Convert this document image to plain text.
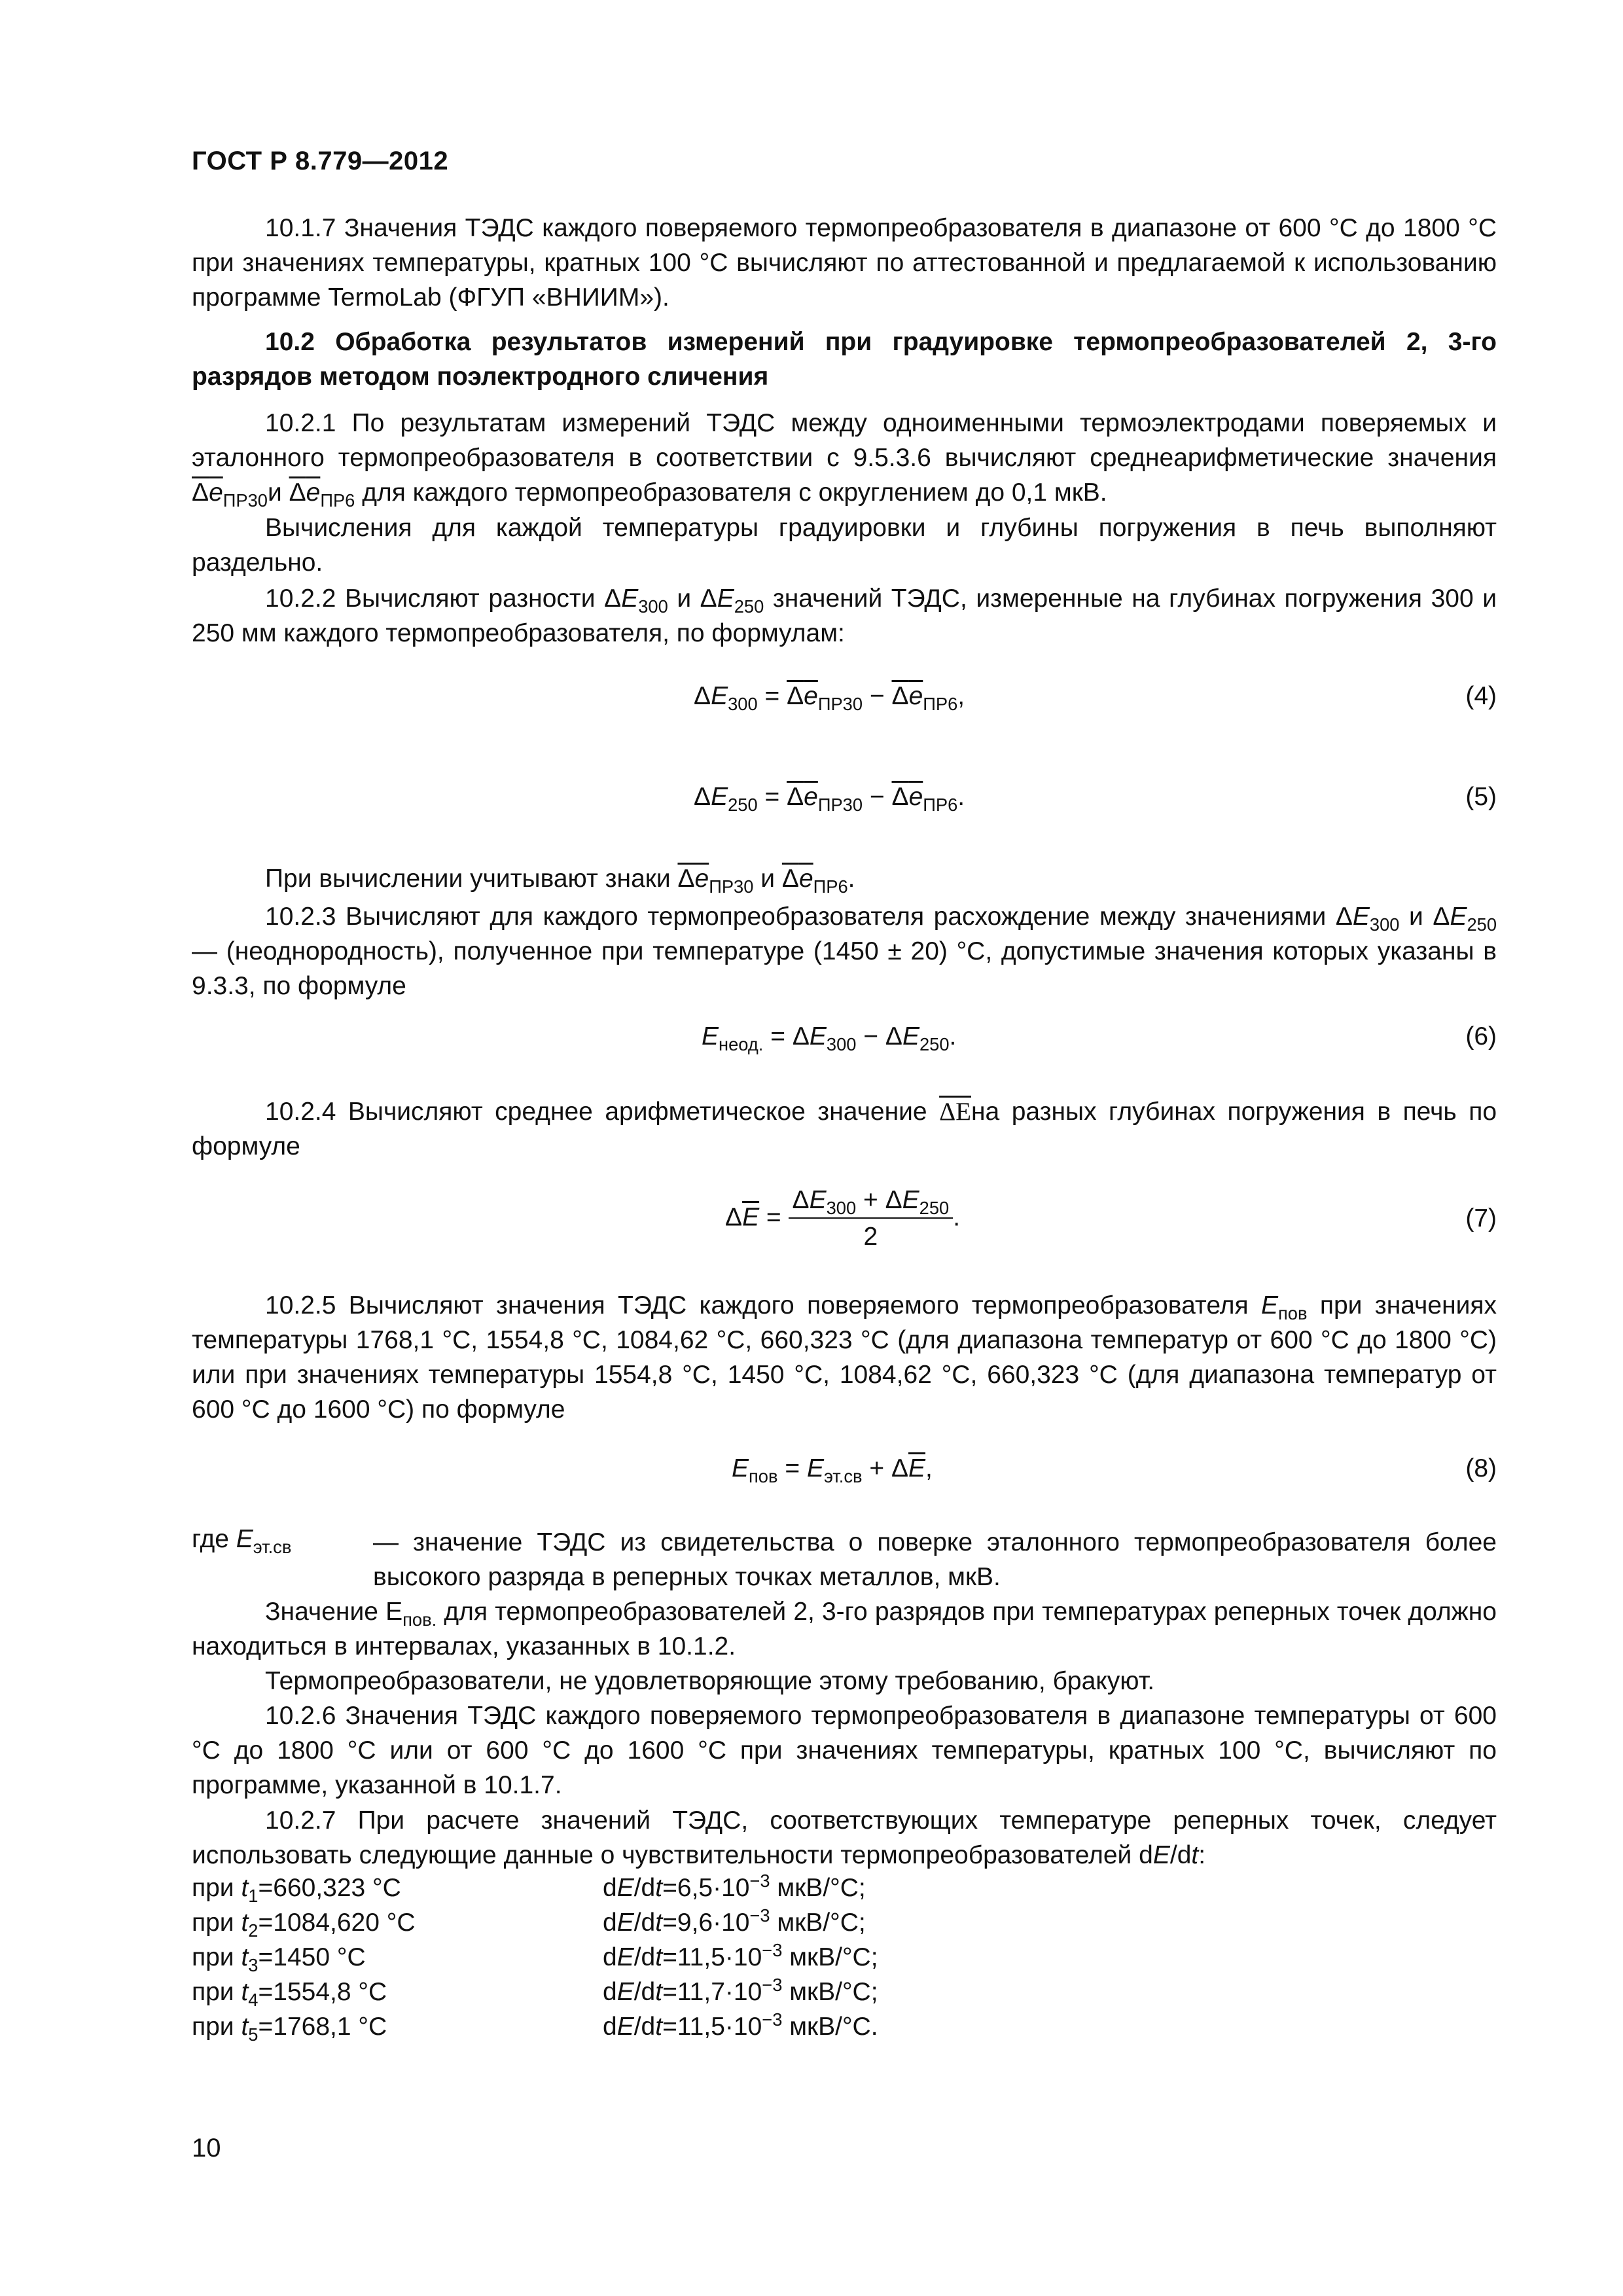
ГОСТ Р 8.779—2012
10.1.7 Значения ТЭДС каждого поверяемого термопреобразователя в диапазоне от 600 °С до 1800 °С при значениях температуры, кратных 100 °С вычисляют по аттестованной и предлагаемой к использованию программе TermoLab (ФГУП «ВНИИМ»).
10.2 Обработка результатов измерений при градуировке термопреобразователей 2, 3-го разрядов методом поэлектродного сличения
10.2.1 По результатам измерений ТЭДС между одноименными термоэлектродами поверяемых и эталонного термопреобразователя в соответствии с 9.5.3.6 вычисляют среднеарифметические значения $\Delta e_{ПР30}и$ $\Delta e_{ПР6}$ для каждого термопреобразователя с округлением до 0,1 мкВ.
Вычисления для каждой температуры градуировки и глубины погружения в печь выполняют раздельно.
10.2.2 Вычисляют разности $\Delta E_{300}$ и $\Delta E_{250}$ значений ТЭДС, измеренные на глубинах погружения 300 и 250 мм каждого термопреобразователя, по формулам:
$\Delta E_{300} = \Delta e_{ПР30} - \Delta e_{ПР6}$,	(4)
$\Delta E_{250} = \Delta e_{ПР30} - \Delta e_{ПР6}$.	(5)
При вычислении учитывают знаки $\Delta e_{ПР30}$ и $\Delta e_{ПР6}$.
10.2.3 Вычисляют для каждого термопреобразователя расхождение между значениями $\Delta E_{300}$ и $\Delta E_{250}$ — (неоднородность), полученное при температуре (1450 ± 20) °С, допустимые значения которых указаны в 9.3.3, по формуле
$E_{неод.} = \Delta E_{300} - \Delta E_{250}$.	(6)
10.2.4 Вычисляют среднее арифметическое значение $\overline{\Delta E}на$ разных глубинах погружения в печь по формуле
$\Delta\overline{E} = \frac{\Delta E_{300} + \Delta E_{250}}{2}$ .	(7)
10.2.5 Вычисляют значения ТЭДС каждого поверяемого термопреобразователя $E_{пов}$ при значениях температуры 1768,1 °С, 1554,8 °С, 1084,62 °С, 660,323 °С (для диапазона температур от 600 °С до 1800 °С) или при значениях температуры 1554,8 °С, 1450 °С, 1084,62 °С, 660,323 °С (для диапазона температур от 600 °С до 1600 °С) по формуле
$E_{пов} = E_{эт.св} + \Delta\overline{E}$,	(8)
где $E_{эт.св}$	— значение ТЭДС из свидетельства о поверке эталонного термопреобразователя более высокого разряда в реперных точках металлов, мкВ.
Значение $Е_{пов.}$ для термопреобразователей 2, 3-го разрядов при температурах реперных точек должно находиться в интервалах, указанных в 10.1.2.
Термопреобразователи, не удовлетворяющие этому требованию, бракуют.
10.2.6 Значения ТЭДС каждого поверяемого термопреобразователя в диапазоне температуры от 600 °С до 1800 °С или от 600 °С до 1600 °С при значениях температуры, кратных 100 °С, вычисляют по программе, указанной в 10.1.7.
10.2.7 При расчете значений ТЭДС, соответствующих температуре реперных точек, следует использовать следующие данные о чувствительности термопреобразователей dE/dt:
при $t_1=660,323$ °С	$dE/dt=6,5\cdot 10^{-3}$ мкВ/°С;
при $t_2=1084,620$ °С	$dE/dt=9,6\cdot 10^{-3}$ мкВ/°С;
при $t_3=1450$ °С	$dE/dt=11,5\cdot 10^{-3}$ мкВ/°С;
при $t_4=1554,8$ °С	$dE/dt=11,7\cdot 10^{-3}$ мкВ/°С;
при $t_5=1768,1$ °С	$dE/dt=11,5\cdot 10^{-3}$ мкВ/°С.
10
